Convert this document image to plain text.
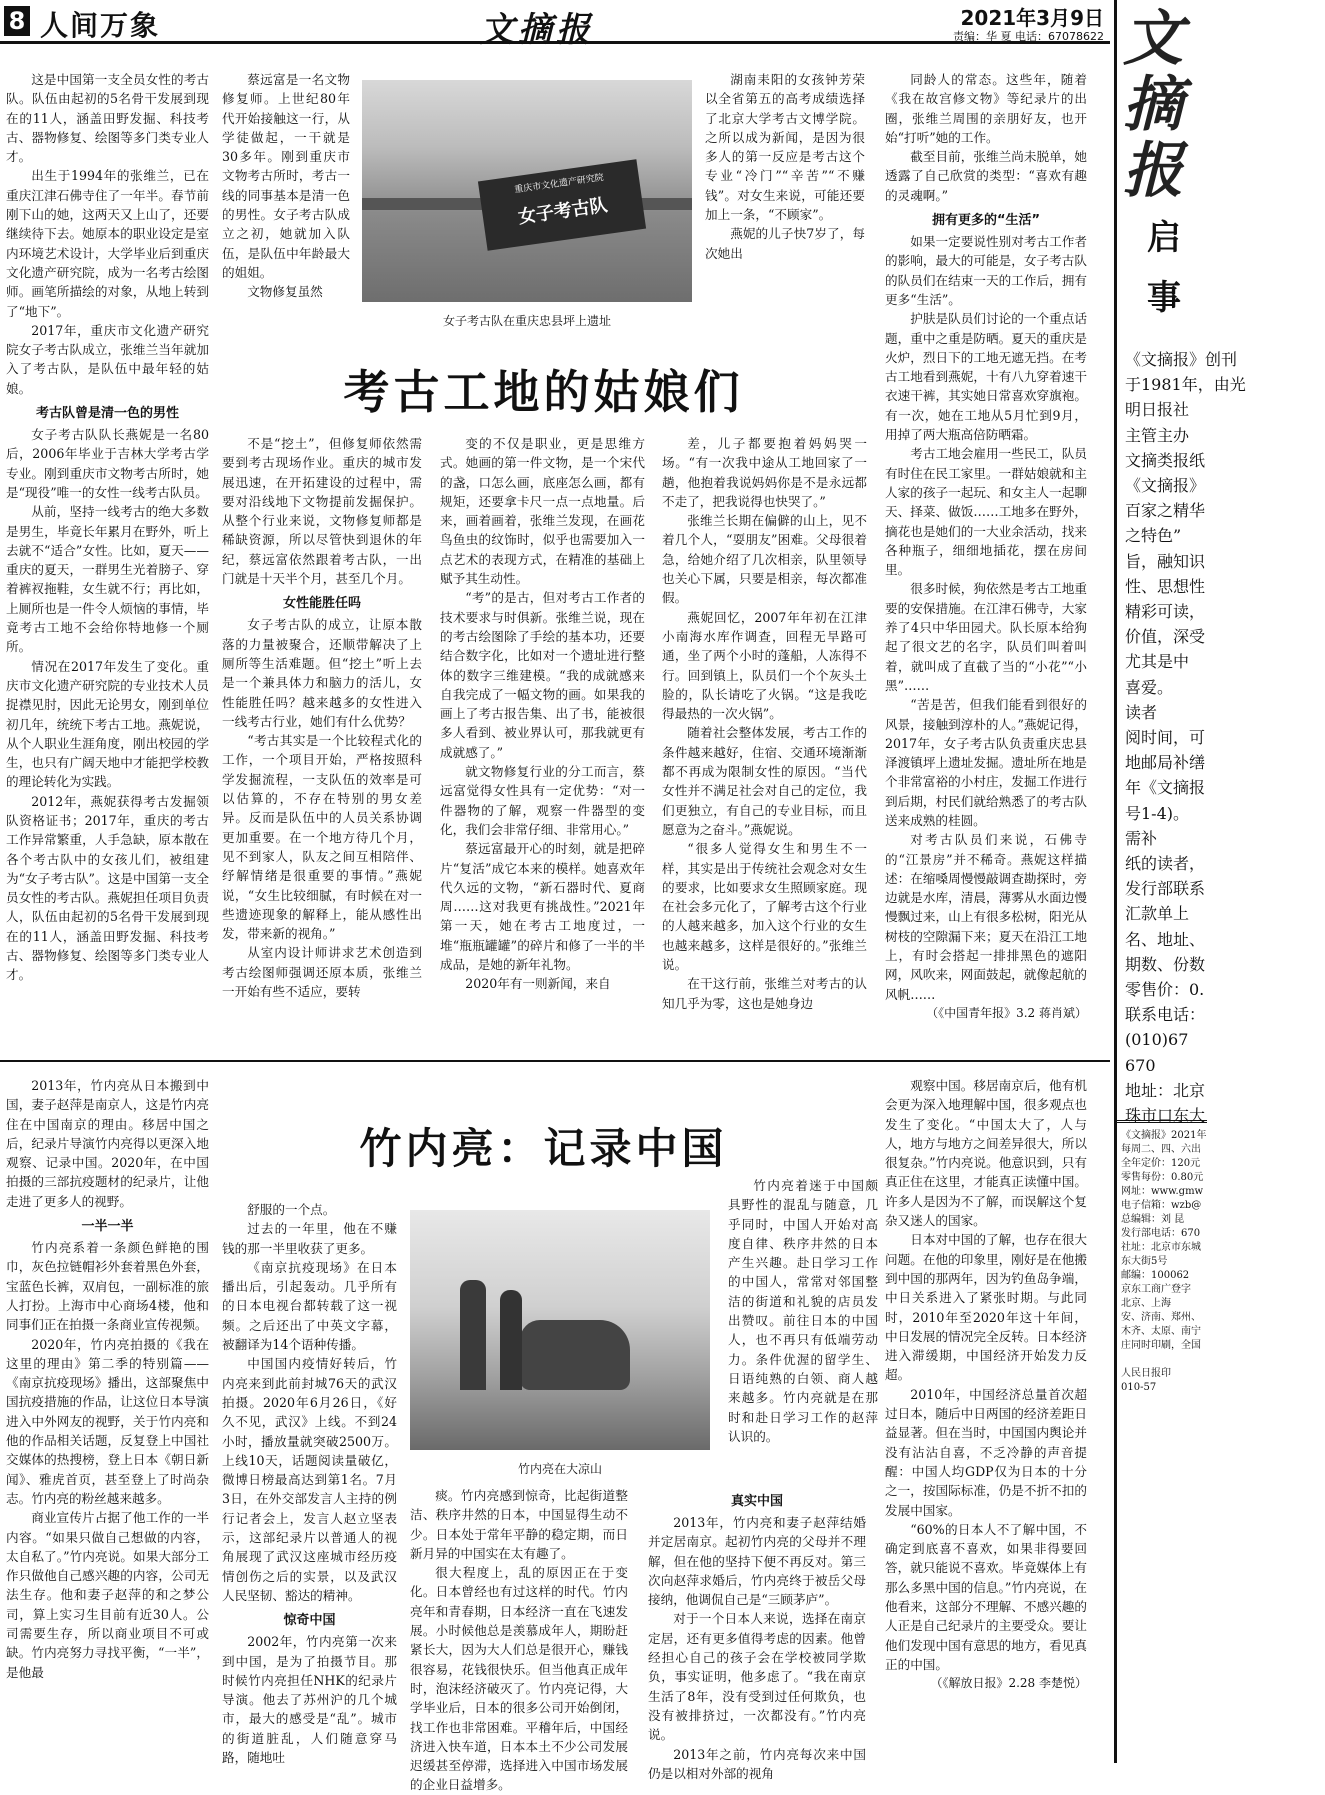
8 人间万象	文摘报	2021年3月9日
责编：华 夏 电话：67078622

这是中国第一支全员女性的考古队。队伍由起初的5名骨干发展到现在的11人，涵盖田野发掘、科技考古、器物修复、绘图等多门类专业人才。

出生于1994年的张维兰，已在重庆江津石佛寺住了一年半。春节前刚下山的她，这两天又上山了，还要继续待下去。她原本的职业设定是室内环境艺术设计，大学毕业后到重庆文化遗产研究院，成为一名考古绘图师。画笔所描绘的对象，从地上转到了“地下”。

2017年，重庆市文化遗产研究院女子考古队成立，张维兰当年就加入了考古队，是队伍中最年轻的姑娘。

考古队曾是清一色的男性

女子考古队队长燕妮是一名80后，2006年毕业于吉林大学考古学专业。刚到重庆市文物考古所时，她是“现役”唯一的女性一线考古队员。

从前，坚持一线考古的绝大多数是男生，毕竟长年累月在野外，听上去就不“适合”女性。比如，夏天——重庆的夏天，一群男生光着膀子、穿着裤衩拖鞋，女生就不行；再比如，上厕所也是一件令人烦恼的事情，毕竟考古工地不会给你特地修一个厕所。

情况在2017年发生了变化。重庆市文化遗产研究院的专业技术人员捉襟见肘，因此无论男女，刚到单位初几年，统统下考古工地。燕妮说，从个人职业生涯角度，刚出校园的学生，也只有广阔天地中才能把学校教的理论转化为实践。

2012年，燕妮获得考古发掘领队资格证书；2017年，重庆的考古工作异常繁重，人手急缺，原本散在各个考古队中的女孩儿们，被组建为“女子考古队”。这是中国第一支全员女性的考古队。燕妮担任项目负责人，队伍由起初的5名骨干发展到现在的11人，涵盖田野发掘、科技考古、器物修复、绘图等多门类专业人才。

蔡远富是一名文物修复师。上世纪80年代开始接触这一行，从学徒做起，一干就是30多年。刚到重庆市文物考古所时，考古一线的同事基本是清一色的男性。女子考古队成立之初，她就加入队伍，是队伍中年龄最大的姐姐。

文物修复虽然

重庆市文化遗产研究院
女子考古队
女子考古队在重庆忠县坪上遗址

湖南耒阳的女孩钟芳荣以全省第五的高考成绩选择了北京大学考古文博学院。之所以成为新闻，是因为很多人的第一反应是考古这个专业“冷门”“辛苦”“不赚钱”。对女生来说，可能还要加上一条，“不顾家”。

燕妮的儿子快7岁了，每次她出

同龄人的常态。这些年，随着《我在故宫修文物》等纪录片的出圈，张维兰周围的亲朋好友，也开始“打听”她的工作。

截至目前，张维兰尚未脱单，她透露了自己欣赏的类型：“喜欢有趣的灵魂啊。”

拥有更多的“生活”

如果一定要说性别对考古工作者的影响，最大的可能是，女子考古队的队员们在结束一天的工作后，拥有更多“生活”。

护肤是队员们讨论的一个重点话题，重中之重是防晒。夏天的重庆是火炉，烈日下的工地无遮无挡。在考古工地看到燕妮，十有八九穿着速干衣速干裤，其实她日常喜欢穿旗袍。有一次，她在工地从5月忙到9月，用掉了两大瓶高倍防晒霜。

考古工地会雇用一些民工，队员有时住在民工家里。一群姑娘就和主人家的孩子一起玩、和女主人一起聊天、择菜、做饭……工地多在野外，摘花也是她们的一大业余活动，找来各种瓶子，细细地插花，摆在房间里。

很多时候，狗依然是考古工地重要的安保措施。在江津石佛寺，大家养了4只中华田园犬。队长原本给狗起了很文艺的名字，队员们叫着叫着，就叫成了直截了当的“小花”“小黑”……

“苦是苦，但我们能看到很好的风景，接触到淳朴的人。”燕妮记得，2017年，女子考古队负责重庆忠县泽渡镇坪上遗址发掘。遗址所在地是个非常富裕的小村庄，发掘工作进行到后期，村民们就给熟悉了的考古队送来成熟的桂圆。

对考古队员们来说，石佛寺的“江景房”并不稀奇。燕妮这样描述：在缩嗓周慢慢敲调查勘探时，旁边就是水库，清晨，薄雾从水面边慢慢飘过来，山上有很多松树，阳光从树枝的空隙漏下来；夏天在沿江工地上，有时会搭起一排排黑色的遮阳网，风吹来，网面鼓起，就像起航的风帆……

（《中国青年报》3.2 蒋肖斌）

考古工地的姑娘们

不是“挖土”，但修复师依然需要到考古现场作业。重庆的城市发展迅速，在开拓建设的过程中，需要对沿线地下文物提前发掘保护。从整个行业来说，文物修复师都是稀缺资源，所以尽管快到退休的年纪，蔡远富依然跟着考古队，一出门就是十天半个月，甚至几个月。

女性能胜任吗

女子考古队的成立，让原本散落的力量被聚合，还顺带解决了上厕所等生活难题。但“挖土”听上去是一个兼具体力和脑力的活儿，女性能胜任吗？越来越多的女性进入一线考古行业，她们有什么优势？

“考古其实是一个比较程式化的工作，一个项目开始，严格按照科学发掘流程，一支队伍的效率是可以估算的，不存在特别的男女差异。反而是队伍中的人员关系协调更加重要。在一个地方待几个月，见不到家人，队友之间互相陪伴、纾解情绪是很重要的事情。”燕妮说，“女生比较细腻，有时候在对一些遗迹现象的解释上，能从感性出发，带来新的视角。”

从室内设计师讲求艺术创造到考古绘图师强调还原本质，张维兰一开始有些不适应，要转

变的不仅是职业，更是思维方式。她画的第一件文物，是一个宋代的盏，口怎么画，底座怎么画，都有规矩，还要拿卡尺一点一点地量。后来，画着画着，张维兰发现，在画花鸟鱼虫的纹饰时，似乎也需要加入一点艺术的表现方式，在精准的基础上赋予其生动性。

“考”的是古，但对考古工作者的技术要求与时俱新。张维兰说，现在的考古绘图除了手绘的基本功，还要结合数字化，比如对一个遗址进行整体的数字三维建模。“我的成就感来自我完成了一幅文物的画。如果我的画上了考古报告集、出了书，能被很多人看到、被业界认可，那我就更有成就感了。”

就文物修复行业的分工而言，蔡远富觉得女性具有一定优势：“对一件器物的了解，观察一件器型的变化，我们会非常仔细、非常用心。”

蔡远富最开心的时刻，就是把碎片“复活”成它本来的模样。她喜欢年代久远的文物，“新石器时代、夏商周……这对我更有挑战性。”2021年第一天，她在考古工地度过，一堆“瓶瓶罐罐”的碎片和修了一半的半成品，是她的新年礼物。

2020年有一则新闻，来自

差，儿子都要抱着妈妈哭一场。“有一次我中途从工地回家了一趟，他抱着我说妈妈你是不是永远都不走了，把我说得也快哭了。”

张维兰长期在偏僻的山上，见不着几个人，“耍朋友”困难。父母很着急，给她介绍了几次相亲，队里领导也关心下属，只要是相亲，每次都准假。

燕妮回忆，2007年年初在江津小南海水库作调查，回程无旱路可通，坐了两个小时的蓬船，人冻得不行。回到镇上，队员们一个个灰头土脸的，队长请吃了火锅。“这是我吃得最热的一次火锅”。

随着社会整体发展，考古工作的条件越来越好，住宿、交通环境渐渐都不再成为限制女性的原因。“当代女性并不满足社会对自己的定位，我们更独立，有自己的专业目标，而且愿意为之奋斗。”燕妮说。

“很多人觉得女生和男生不一样，其实是出于传统社会观念对女生的要求，比如要求女生照顾家庭。现在社会多元化了，了解考古这个行业的人越来越多，加入这个行业的女生也越来越多，这样是很好的。”张维兰说。

在干这行前，张维兰对考古的认知几乎为零，这也是她身边

2013年，竹内亮从日本搬到中国，妻子赵萍是南京人，这是竹内亮住在中国南京的理由。移居中国之后，纪录片导演竹内亮得以更深入地观察、记录中国。2020年，在中国拍摄的三部抗疫题材的纪录片，让他走进了更多人的视野。

一半一半

竹内亮系着一条颜色鲜艳的围巾，灰色拉链帽衫外套着黑色外套，宝蓝色长裤，双肩包，一副标准的旅人打扮。上海市中心商场4楼，他和同事们正在拍摄一条商业宣传视频。

2020年，竹内亮拍摄的《我在这里的理由》第二季的特别篇——《南京抗疫现场》播出，这部聚焦中国抗疫措施的作品，让这位日本导演进入中外网友的视野，关于竹内亮和他的作品相关话题，反复登上中国社交媒体的热搜榜，登上日本《朝日新闻》、雅虎首页，甚至登上了时尚杂志。竹内亮的粉丝越来越多。

商业宣传片占据了他工作的一半内容。“如果只做自己想做的内容，太自私了。”竹内亮说。如果大部分工作只做他自己感兴趣的内容，公司无法生存。他和妻子赵萍的和之梦公司，算上实习生目前有近30人。公司需要生存，所以商业项目不可或缺。竹内亮努力寻找平衡，“一半”，是他最

竹内亮：记录中国

舒服的一个点。

过去的一年里，他在不赚钱的那一半里收获了更多。

《南京抗疫现场》在日本播出后，引起轰动。几乎所有的日本电视台都转载了这一视频。之后还出了中英文字幕，被翻译为14个语种传播。

中国国内疫情好转后，竹内亮来到此前封城76天的武汉拍摄。2020年6月26日，《好久不见，武汉》上线。不到24小时，播放量就突破2500万。上线10天，话题阅读量破亿，微博日榜最高达到第1名。7月3日，在外交部发言人主持的例行记者会上，发言人赵立坚表示，这部纪录片以普通人的视角展现了武汉这座城市经历疫情创伤之后的实景，以及武汉人民坚韧、豁达的精神。

惊奇中国

2002年，竹内亮第一次来到中国，是为了拍摄节目。那时候竹内亮担任NHK的纪录片导演。他去了苏州沪的几个城市，最大的感受是“乱”。城市的街道脏乱，人们随意穿马路，随地吐

竹内亮在大凉山

竹内亮着迷于中国颇具野性的混乱与随意，几乎同时，中国人开始对高度自律、秩序井然的日本产生兴趣。赴日学习工作的中国人，常常对邻国整洁的街道和礼貌的店员发出赞叹。前往日本的中国人，也不再只有低端劳动力。条件优渥的留学生、日语纯熟的白领、商人越来越多。竹内亮就是在那时和赴日学习工作的赵萍认识的。

痰。竹内亮感到惊奇，比起街道整洁、秩序井然的日本，中国显得生动不少。日本处于常年平静的稳定期，而日新月异的中国实在太有趣了。

很大程度上，乱的原因正在于变化。日本曾经也有过这样的时代。竹内亮年和青春期，日本经济一直在飞速发展。小时候他总是羡慕成年人，期盼赶紧长大，因为大人们总是很开心，赚钱很容易，花钱很快乐。但当他真正成年时，泡沫经济破灭了。竹内亮记得，大学毕业后，日本的很多公司开始倒闭，找工作也非常困难。平稽年后，中国经济进入快车道，日本本土不少公司发展迟缓甚至停滞，选择进入中国市场发展的企业日益增多。

真实中国

2013年，竹内亮和妻子赵萍结婚并定居南京。起初竹内亮的父母并不理解，但在他的坚持下便不再反对。第三次向赵萍求婚后，竹内亮终于被岳父母接纳，他调侃自己是“三顾茅庐”。

对于一个日本人来说，选择在南京定居，还有更多值得考虑的因素。他曾经担心自己的孩子会在学校被同学欺负，事实证明，他多虑了。“我在南京生活了8年，没有受到过任何欺负，也没有被排挤过，一次都没有。”竹内亮说。

2013年之前，竹内亮每次来中国仍是以相对外部的视角

观察中国。移居南京后，他有机会更为深入地理解中国，很多观点也发生了变化。“中国太大了，人与人，地方与地方之间差异很大，所以很复杂。”竹内亮说。他意识到，只有真正住在这里，才能真正读懂中国。许多人是因为不了解，而误解这个复杂又迷人的国家。

日本对中国的了解，也存在很大问题。在他的印象里，刚好是在他搬到中国的那两年，因为钓鱼岛争端，中日关系进入了紧张时期。与此同时，2010年至2020年这十年间，中日发展的情况完全反转。日本经济进入滞缓期，中国经济开始发力反超。

2010年，中国经济总量首次超过日本，随后中日两国的经济差距日益显著。但在当时，中国国内舆论并没有沾沾自喜，不乏冷静的声音提醒：中国人均GDP仅为日本的十分之一，按国际标准，仍是不折不扣的发展中国家。

“60%的日本人不了解中国，不确定到底喜不喜欢，如果非得要回答，就只能说不喜欢。毕竟媒体上有那么多黑中国的信息。”竹内亮说，在他看来，这部分不理解、不感兴趣的人正是自己纪录片的主要受众。要让他们发现中国有意思的地方，看见真正的中国。

（《解放日报》2.28 李楚悦）

文摘报
启
事
《文摘报》创刊
于1981年，由光
明日报社
主管主办
文摘类报纸
《文摘报》
百家之精华
之特色”
旨，融知识
性、思想性
精彩可读，
价值，深受
尤其是中
喜爱。
读者
阅时间，可
地邮局补缮
年《文摘报
号1-4)。
需补
纸的读者，
发行部联系
汇款单上
名、地址、
期数、份数
零售价：0.
联系电话：
(010)67
670
地址：北京
珠市口东大
《文摘报》2021年
每周二、四、六出
全年定价：120元
零售每份：0.80元
网址：www.gmw
电子信箱：wzb@
总编辑：刘 昆
发行部电话：670
社址：北京市东城
东大街5号
邮编：100062
京东工商广登字
北京、上海
安、济南、郑州、
木齐、太原、南宁
庄同时印刷，全国
人民日报印
010-57
